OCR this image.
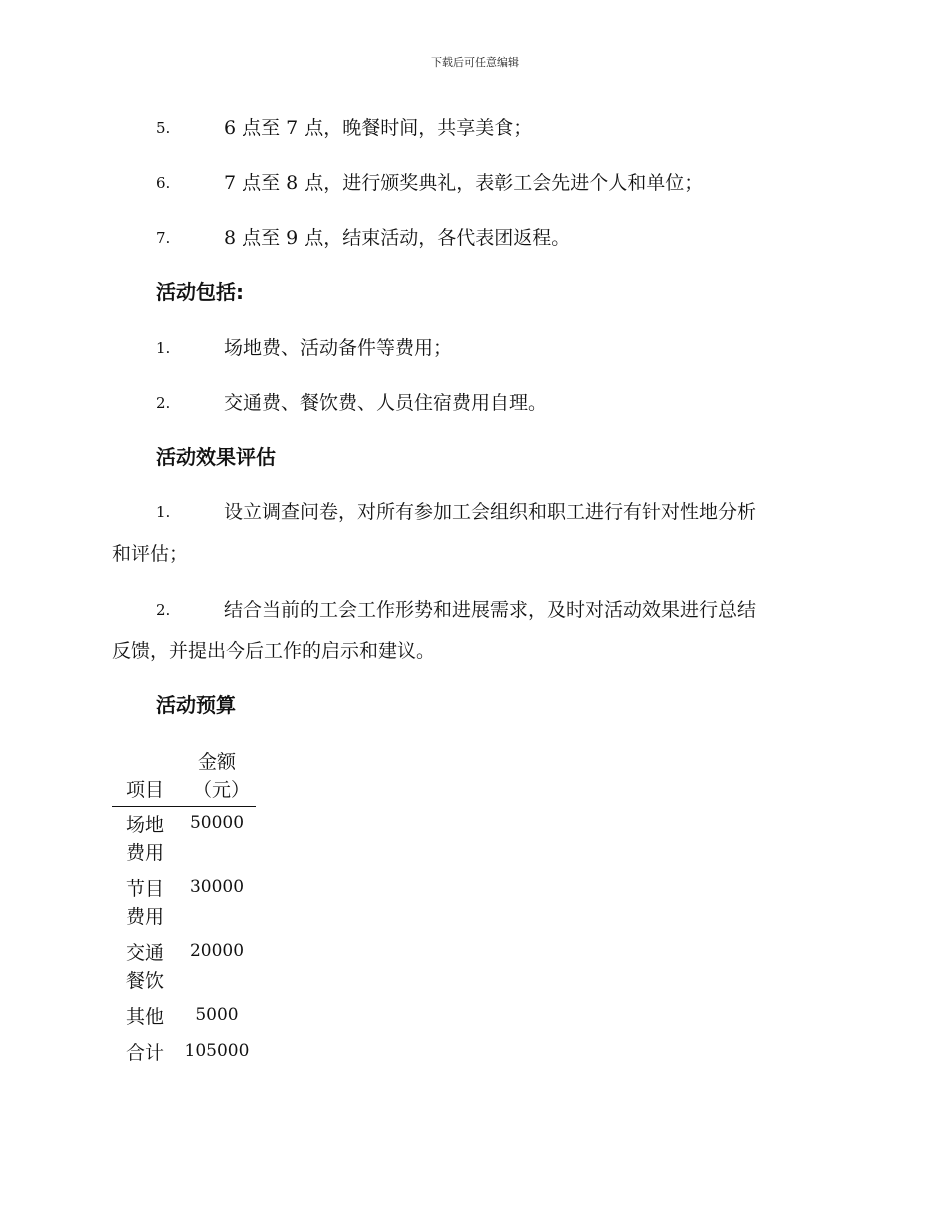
下载后可任意编辑
5.	6 点至 7 点，晚餐时间，共享美食；
6.	7 点至 8 点，进行颁奖典礼，表彰工会先进个人和单位；
7.	8 点至 9 点，结束活动，各代表团返程。
活动包括:
1.	场地费、活动备件等费用；
2.	交通费、餐饮费、人员住宿费用自理。
活动效果评估
1.	设立调查问卷，对所有参加工会组织和职工进行有针对性地分析
和评估；
2.	结合当前的工会工作形势和进展需求，及时对活动效果进行总结
反馈，并提出今后工作的启示和建议。
活动预算
项目	金额（元）
场地费用	50000
节目费用	30000
交通餐饮	20000
其他	5000
合计	105000
